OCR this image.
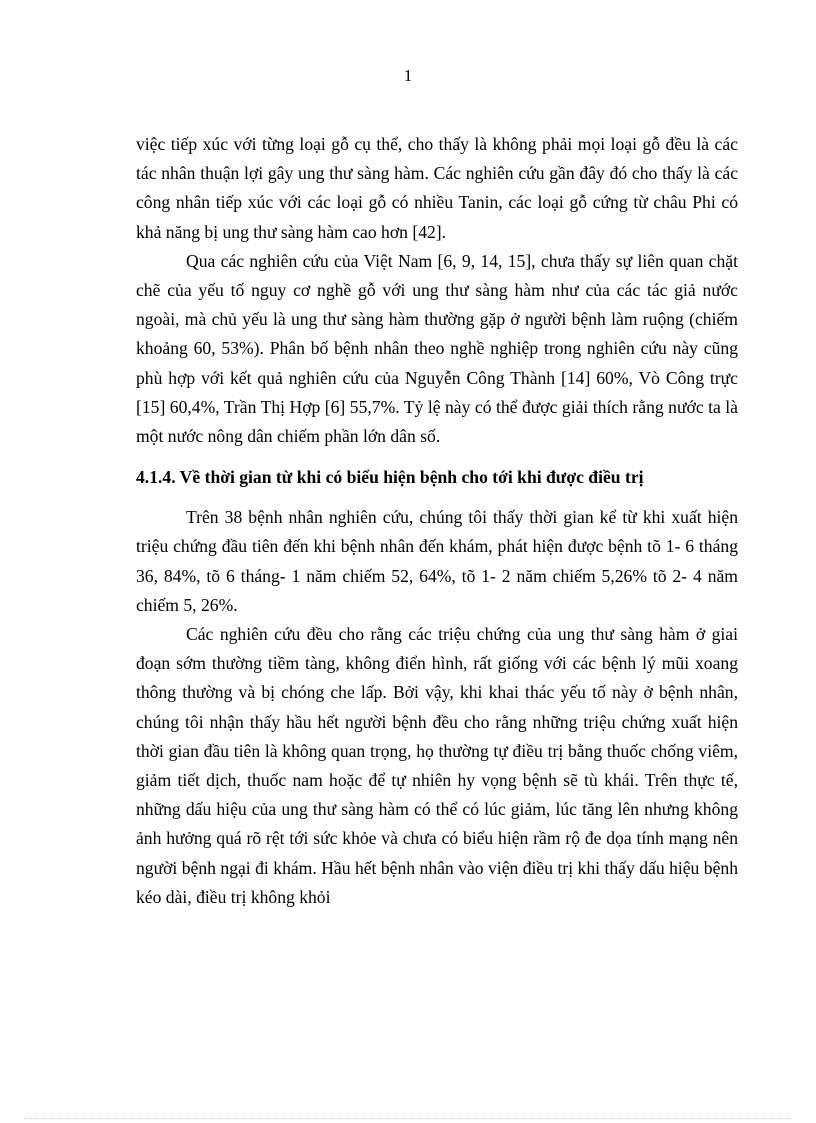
1

việc tiếp xúc với từng loại gỗ cụ thể, cho thấy là không phải mọi loại gỗ đều là các tác nhân thuận lợi gây ung thư sàng hàm. Các nghiên cứu gần đây đó cho thấy là các công nhân tiếp xúc với các loại gỗ có nhiều Tanin, các loại gỗ cứng từ châu Phi có khả năng bị ung thư sàng hàm cao hơn [42].

Qua các nghiên cứu của Việt Nam [6, 9, 14, 15], chưa thấy sự liên quan chặt chẽ của yếu tố nguy cơ nghề gỗ với ung thư sàng hàm như của các tác giả nước ngoài, mà chủ yếu là ung thư sàng hàm thường gặp ở người bệnh làm ruộng (chiếm khoảng 60, 53%). Phân bố bệnh nhân theo nghề nghiệp trong nghiên cứu này cũng phù hợp với kết quả nghiên cứu của Nguyễn Công Thành [14] 60%, Vò Công trực [15] 60,4%, Trần Thị Hợp [6] 55,7%. Tỷ lệ này có thể được giải thích rằng nước ta là một nước nông dân chiếm phần lớn dân số.

4.1.4. Về thời gian từ khi có biểu hiện bệnh cho tới khi được điều trị

Trên 38 bệnh nhân nghiên cứu, chúng tôi thấy thời gian kể từ khi xuất hiện triệu chứng đầu tiên đến khi bệnh nhân đến khám, phát hiện được bệnh tõ 1- 6 tháng 36, 84%, tõ 6 tháng- 1 năm chiếm 52, 64%, tõ 1- 2 năm chiếm 5,26% tõ 2- 4 năm chiếm 5, 26%.

Các nghiên cứu đều cho rằng các triệu chứng của ung thư sàng hàm ở giai đoạn sớm thường tiềm tàng, không điển hình, rất giống với các bệnh lý mũi xoang thông thường và bị chóng che lấp. Bởi vậy, khi khai thác yếu tố này ở bệnh nhân, chúng tôi nhận thấy hầu hết người bệnh đều cho rằng những triệu chứng xuất hiện thời gian đầu tiên là không quan trọng, họ thường tự điều trị bằng thuốc chống viêm, giảm tiết dịch, thuốc nam hoặc để tự nhiên hy vọng bệnh sẽ tù khái. Trên thực tế, những dấu hiệu của ung thư sàng hàm có thể có lúc giảm, lúc tăng lên nhưng không ảnh hưởng quá rõ rệt tới sức khỏe và chưa có biểu hiện rầm rộ đe dọa tính mạng nên người bệnh ngại đi khám. Hầu hết bệnh nhân vào viện điều trị khi thấy dấu hiệu bệnh kéo dài, điều trị không khỏi
